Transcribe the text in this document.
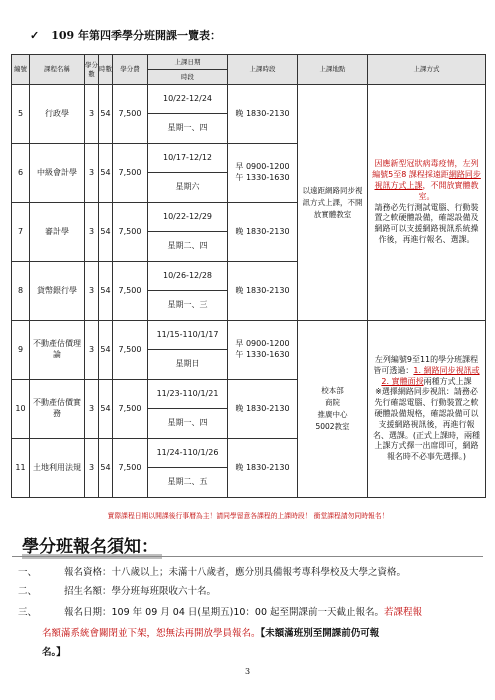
✓ 109 年第四季學分班開課一覽表：
編號	課程名稱	學分數	時數	學分費	上課日期	上課時段	上課地點	上課方式
					時段			
5	行政學	3	54	7,500	10/22-12/24	晚 1830-2130	以遠距網路同步視訊方式上課，不開放實體教室	因應新型冠狀病毒疫情，左列編號5至8 課程採遠距網路同步視訊方式上課，不開放實體教室。
請務必先行測試電腦、行動裝置之軟硬體設備，確認設備及網路可以支援網路視訊系統操作後，再進行報名、選課。
					星期一、四			
6	中級會計學	3	54	7,500	10/17-12/12	早 0900-1200
午 1330-1630		
					星期六			
7	審計學	3	54	7,500	10/22-12/29	晚 1830-2130		
					星期二、四			
8	貨幣銀行學	3	54	7,500	10/26-12/28	晚 1830-2130		
					星期一、三			
9	不動產估價理論	3	54	7,500	11/15-110/1/17	早 0900-1200
午 1330-1630	校本部
商院
推廣中心
5002教室	左列編號9至11的學分班課程皆可透過：1. 網路同步視訊或2. 實體面授兩種方式上課
※選擇網路同步視訊：請務必先行確認電腦、行動裝置之軟硬體設備規格，確認設備可以支援網路視訊後，再進行報名、選課。(正式上課時，兩種上課方式擇一出席即可，網路報名時不必事先選擇。)
					星期日			
10	不動產估價實務	3	54	7,500	11/23-110/1/21	晚 1830-2130		
					星期一、四			
11	土地利用法規	3	54	7,500	11/24-110/1/26	晚 1830-2130		
					星期二、五			
實際課程日期以開課後行事曆為主！請同學留意各課程的上課時段！ 衝堂課程請勿同時報名！
學分班報名須知：
一、	報名資格：十八歲以上；未滿十八歲者，應分別具備報考專科學校及大學之資格。
二、	招生名額：學分班每班限收六十名。
三、	報名日期：109 年 09 月 04 日(星期五)10：00 起至開課前一天截止報名。若課程報
名額滿系統會關閉並下架，恕無法再開放學員報名。【未額滿班別至開課前仍可報
名。】
3
